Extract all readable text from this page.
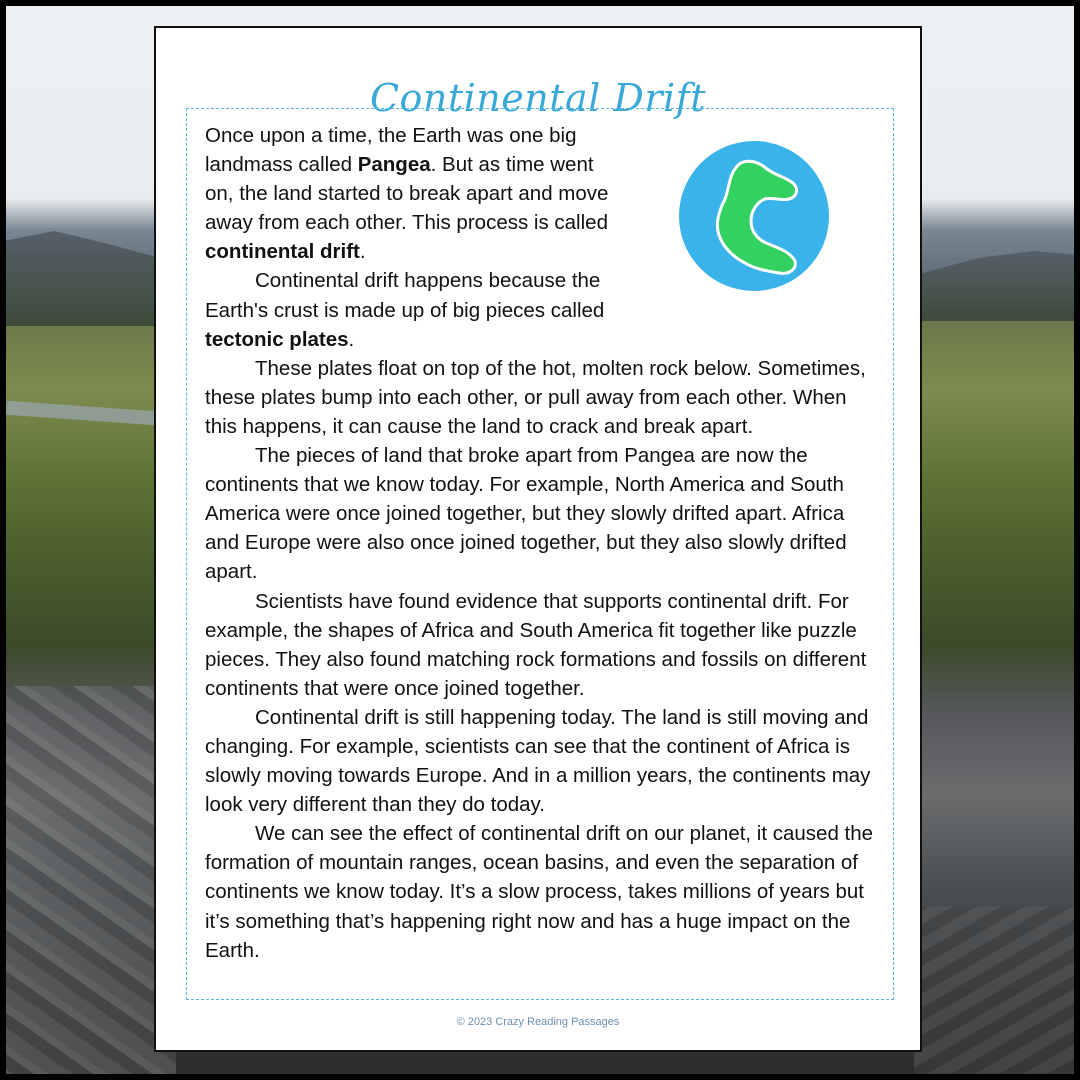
Continental Drift

Once upon a time, the Earth was one big landmass called Pangea. But as time went on, the land started to break apart and move away from each other. This process is called continental drift.

Continental drift happens because the Earth's crust is made up of big pieces called tectonic plates.

These plates float on top of the hot, molten rock below. Sometimes, these plates bump into each other, or pull away from each other. When this happens, it can cause the land to crack and break apart.

The pieces of land that broke apart from Pangea are now the continents that we know today. For example, North America and South America were once joined together, but they slowly drifted apart. Africa and Europe were also once joined together, but they also slowly drifted apart.

Scientists have found evidence that supports continental drift. For example, the shapes of Africa and South America fit together like puzzle pieces. They also found matching rock formations and fossils on different continents that were once joined together.

Continental drift is still happening today. The land is still moving and changing. For example, scientists can see that the continent of Africa is slowly moving towards Europe. And in a million years, the continents may look very different than they do today.

We can see the effect of continental drift on our planet, it caused the formation of mountain ranges, ocean basins, and even the separation of continents we know today. It’s a slow process, takes millions of years but it’s something that’s happening right now and has a huge impact on the Earth.

© 2023 Crazy Reading Passages
